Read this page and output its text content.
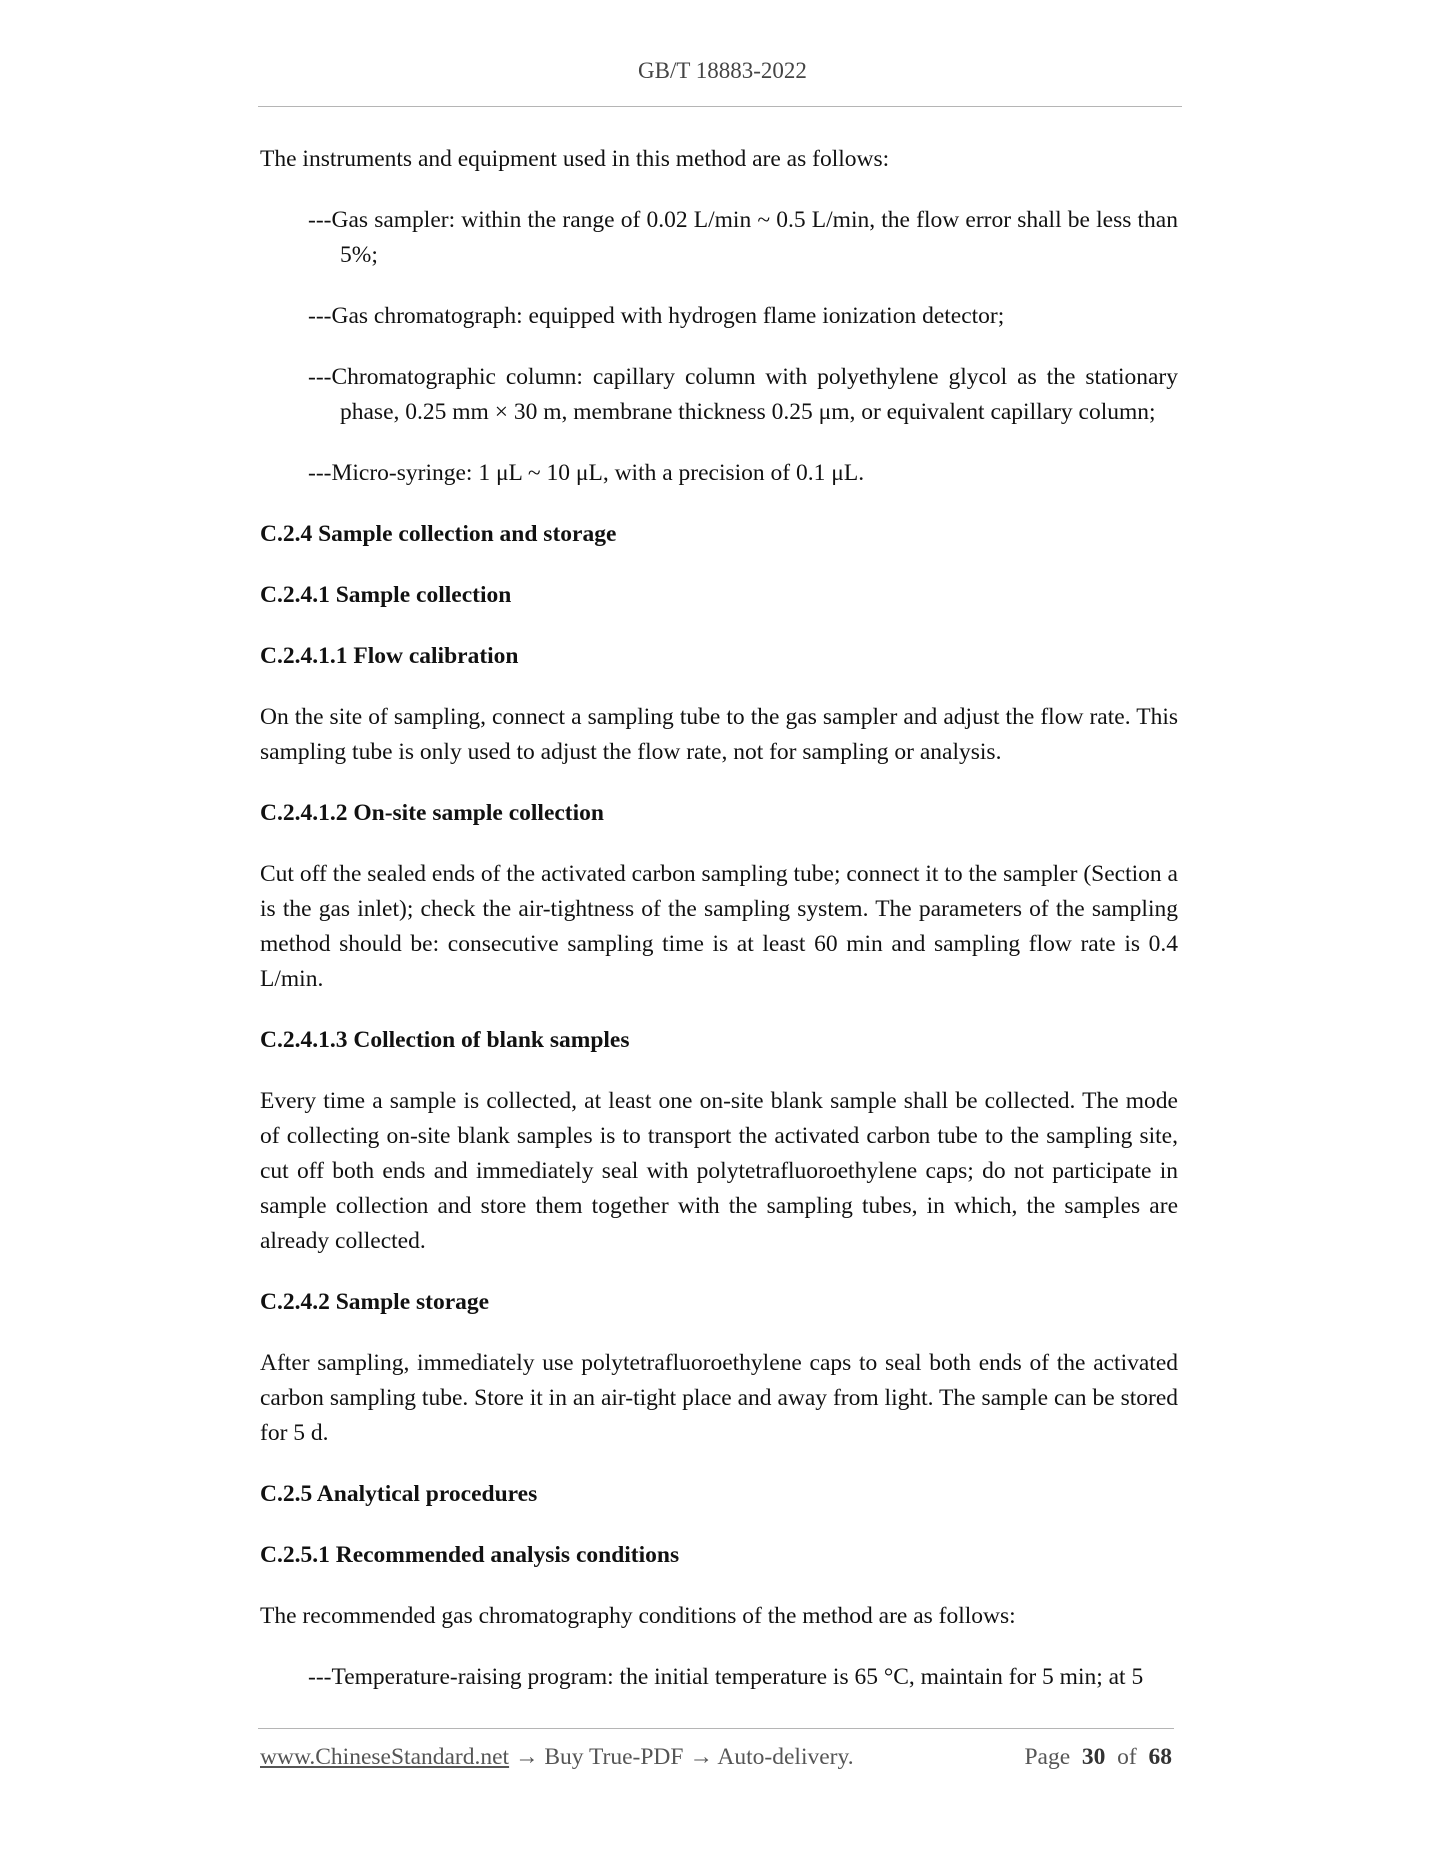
GB/T 18883-2022

The instruments and equipment used in this method are as follows:

---Gas sampler: within the range of 0.02 L/min ~ 0.5 L/min, the flow error shall be less than 5%;

---Gas chromatograph: equipped with hydrogen flame ionization detector;

---Chromatographic column: capillary column with polyethylene glycol as the stationary phase, 0.25 mm × 30 m, membrane thickness 0.25 μm, or equivalent capillary column;

---Micro-syringe: 1 μL ~ 10 μL, with a precision of 0.1 μL.

C.2.4 Sample collection and storage
C.2.4.1 Sample collection
C.2.4.1.1 Flow calibration

On the site of sampling, connect a sampling tube to the gas sampler and adjust the flow rate. This sampling tube is only used to adjust the flow rate, not for sampling or analysis.

C.2.4.1.2 On-site sample collection

Cut off the sealed ends of the activated carbon sampling tube; connect it to the sampler (Section a is the gas inlet); check the air-tightness of the sampling system. The parameters of the sampling method should be: consecutive sampling time is at least 60 min and sampling flow rate is 0.4 L/min.

C.2.4.1.3 Collection of blank samples

Every time a sample is collected, at least one on-site blank sample shall be collected. The mode of collecting on-site blank samples is to transport the activated carbon tube to the sampling site, cut off both ends and immediately seal with polytetrafluoroethylene caps; do not participate in sample collection and store them together with the sampling tubes, in which, the samples are already collected.

C.2.4.2 Sample storage

After sampling, immediately use polytetrafluoroethylene caps to seal both ends of the activated carbon sampling tube. Store it in an air-tight place and away from light. The sample can be stored for 5 d.

C.2.5 Analytical procedures
C.2.5.1 Recommended analysis conditions

The recommended gas chromatography conditions of the method are as follows:

---Temperature-raising program: the initial temperature is 65 °C, maintain for 5 min; at 5

www.ChineseStandard.net → Buy True-PDF → Auto-delivery.	Page 30 of 68
